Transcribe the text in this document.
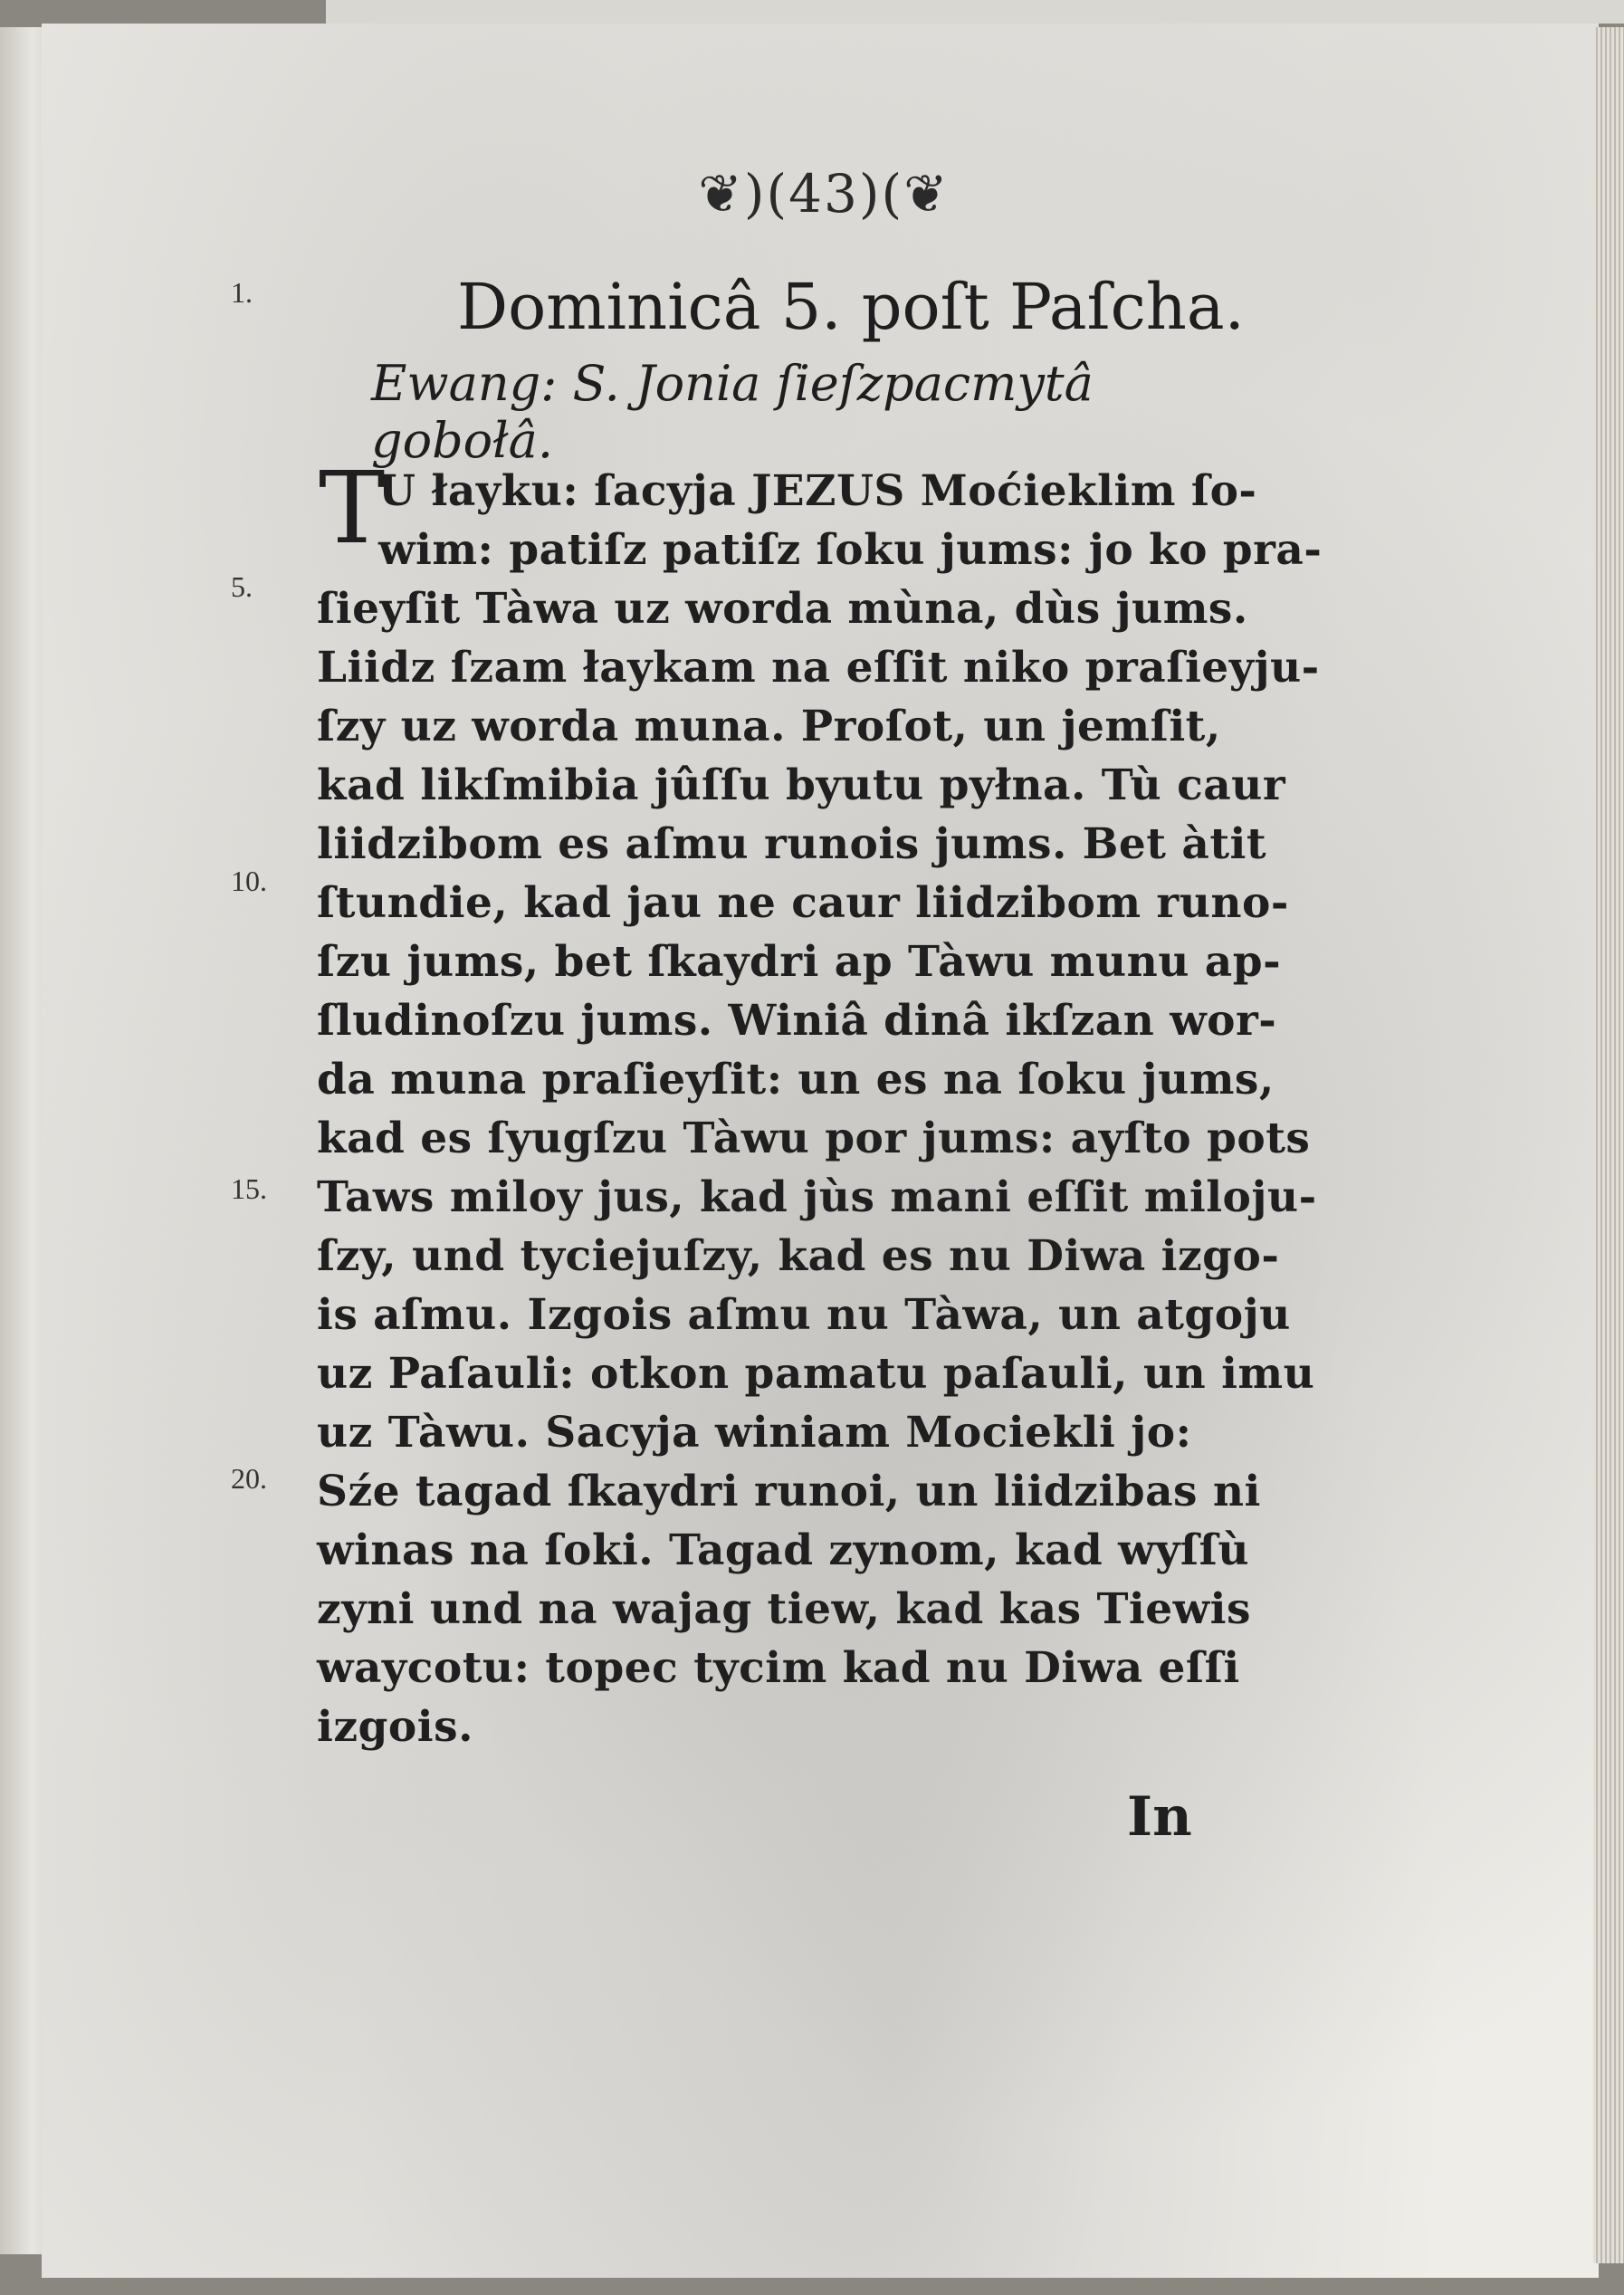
❦)(43)(❦
1.
5.
10.
15.
20.
Dominicâ 5. poſt Paſcha.
Ewang: S. Jonia ſieſzpacmytâ gobołâ.
T
U łayku: ſacyja JEZUS Moćieklim ſo-
wim: patiſz patiſz ſoku jums: jo ko pra-
ſieyſit Tàwa uz worda mùna, dùs jums.
Liidz ſzam łaykam na eſſit niko praſieyju-
ſzy uz worda muna. Proſot, un jemſit,
kad likſmibia jûſſu byutu pyłna. Tù caur
liidzibom es aſmu runois jums. Bet àtit
ſtundie, kad jau ne caur liidzibom runo-
ſzu jums, bet ſkaydri ap Tàwu munu ap-
ſludinoſzu jums. Winiâ dinâ ikſzan wor-
da muna praſieyſit: un es na ſoku jums,
kad es ſyugſzu Tàwu por jums: ayſto pots
Taws miloy jus, kad jùs mani eſſit miloju-
ſzy, und tyciejuſzy, kad es nu Diwa izgo-
is aſmu. Izgois aſmu nu Tàwa, un atgoju
uz Paſauli: otkon pamatu paſauli, un imu
uz Tàwu. Sacyja winiam Mociekli jo:
Sźe tagad ſkaydri runoi, un liidzibas ni
winas na ſoki. Tagad zynom, kad wyſſù
zyni und na wajag tiew, kad kas Tiewis
waycotu: topec tycim kad nu Diwa eſſi
izgois.
In
